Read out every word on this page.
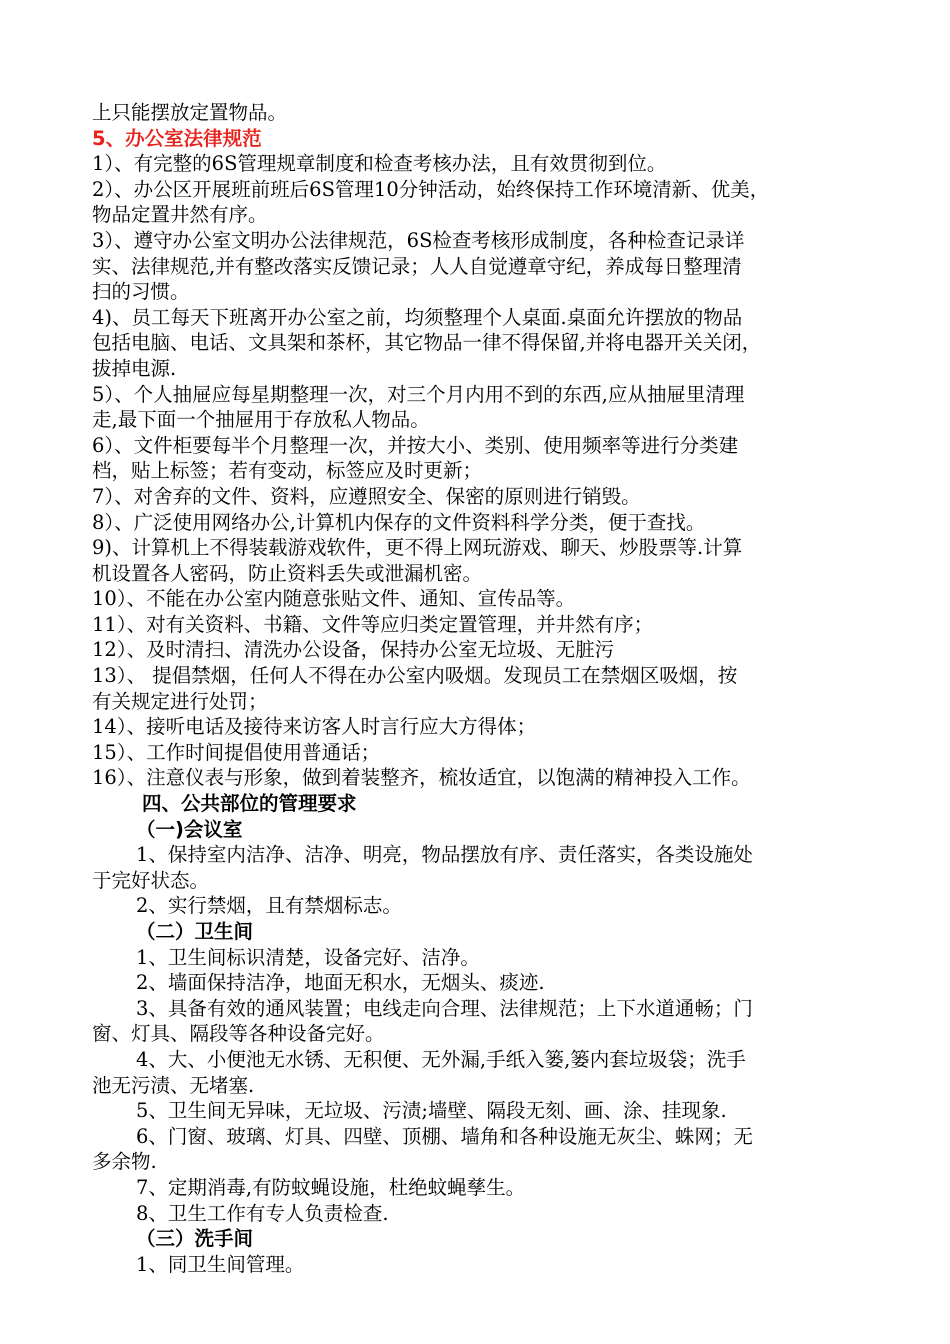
上只能摆放定置物品。
5、办公室法律规范
1）、有完整的6S管理规章制度和检查考核办法，且有效贯彻到位。
2）、办公区开展班前班后6S管理10分钟活动，始终保持工作环境清新、优美，
物品定置井然有序。
3）、遵守办公室文明办公法律规范，6S检查考核形成制度，各种检查记录详
实、法律规范,并有整改落实反馈记录；人人自觉遵章守纪，养成每日整理清
扫的习惯。
4)、员工每天下班离开办公室之前，均须整理个人桌面.桌面允许摆放的物品
包括电脑、电话、文具架和茶杯，其它物品一律不得保留,并将电器开关关闭，
拔掉电源.
5）、个人抽屉应每星期整理一次，对三个月内用不到的东西,应从抽屉里清理
走,最下面一个抽屉用于存放私人物品。
6）、文件柜要每半个月整理一次，并按大小、类别、使用频率等进行分类建
档，贴上标签；若有变动，标签应及时更新；
7）、对舍弃的文件、资料，应遵照安全、保密的原则进行销毁。
8）、广泛使用网络办公,计算机内保存的文件资料科学分类，便于查找。
9)、计算机上不得装载游戏软件，更不得上网玩游戏、聊天、炒股票等.计算
机设置各人密码，防止资料丢失或泄漏机密。
10）、不能在办公室内随意张贴文件、通知、宣传品等。
11）、对有关资料、书籍、文件等应归类定置管理，并井然有序；
12）、及时清扫、清洗办公设备，保持办公室无垃圾、无脏污
13）、 提倡禁烟，任何人不得在办公室内吸烟。发现员工在禁烟区吸烟，按
有关规定进行处罚；
14）、接听电话及接待来访客人时言行应大方得体；
15）、工作时间提倡使用普通话；
16）、注意仪表与形象，做到着装整齐，梳妆适宜，以饱满的精神投入工作。
四、公共部位的管理要求
（一)会议室
1、保持室内洁净、洁净、明亮，物品摆放有序、责任落实，各类设施处
于完好状态。
2、实行禁烟，且有禁烟标志。
（二）卫生间
1、卫生间标识清楚，设备完好、洁净。
2、墙面保持洁净，地面无积水，无烟头、痰迹.
3、具备有效的通风装置；电线走向合理、法律规范；上下水道通畅；门
窗、灯具、隔段等各种设备完好。
4、大、小便池无水锈、无积便、无外漏,手纸入篓,篓内套垃圾袋；洗手
池无污渍、无堵塞.
5、卫生间无异味，无垃圾、污渍;墙壁、隔段无刻、画、涂、挂现象.
6、门窗、玻璃、灯具、四壁、顶棚、墙角和各种设施无灰尘、蛛网；无
多余物.
7、定期消毒,有防蚊蝇设施，杜绝蚊蝇孳生。
8、卫生工作有专人负责检查.
（三）洗手间
1、同卫生间管理。
